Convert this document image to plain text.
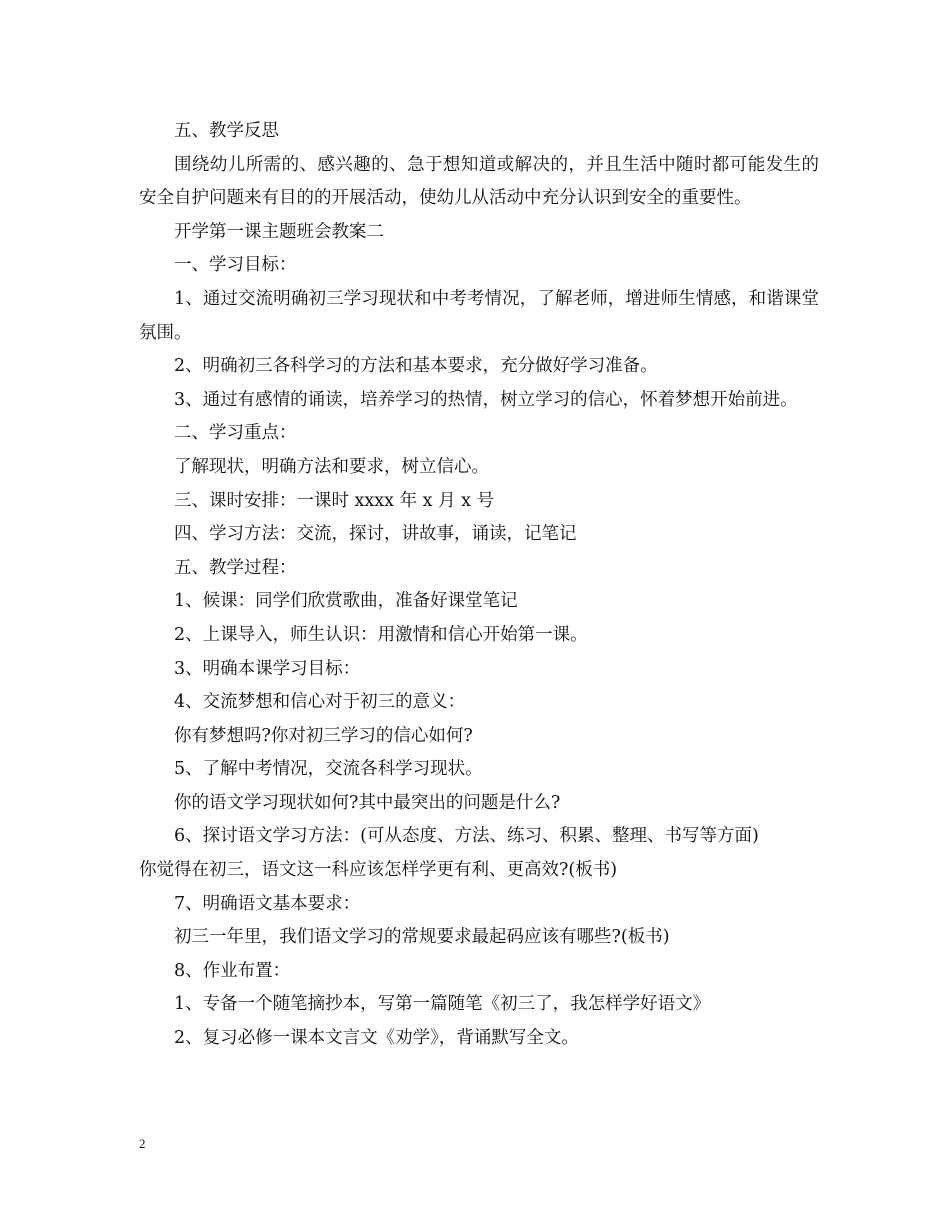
五、教学反思

围绕幼儿所需的、感兴趣的、急于想知道或解决的，并且生活中随时都可能发生的安全自护问题来有目的的开展活动，使幼儿从活动中充分认识到安全的重要性。

开学第一课主题班会教案二

一、学习目标：

1、通过交流明确初三学习现状和中考考情况，了解老师，增进师生情感，和谐课堂氛围。

2、明确初三各科学习的方法和基本要求，充分做好学习准备。

3、通过有感情的诵读，培养学习的热情，树立学习的信心，怀着梦想开始前进。

二、学习重点：

了解现状，明确方法和要求，树立信心。

三、课时安排：一课时 xxxx 年 x 月 x 号

四、学习方法：交流，探讨，讲故事，诵读，记笔记

五、教学过程：

1、候课：同学们欣赏歌曲，准备好课堂笔记

2、上课导入，师生认识：用激情和信心开始第一课。

3、明确本课学习目标：

4、交流梦想和信心对于初三的意义：

你有梦想吗?你对初三学习的信心如何?

5、了解中考情况，交流各科学习现状。

你的语文学习现状如何?其中最突出的问题是什么?

6、探讨语文学习方法：(可从态度、方法、练习、积累、整理、书写等方面)

你觉得在初三，语文这一科应该怎样学更有利、更高效?(板书)

7、明确语文基本要求：

初三一年里，我们语文学习的常规要求最起码应该有哪些?(板书)

8、作业布置：

1、专备一个随笔摘抄本，写第一篇随笔《初三了，我怎样学好语文》

2、复习必修一课本文言文《劝学》，背诵默写全文。

2
